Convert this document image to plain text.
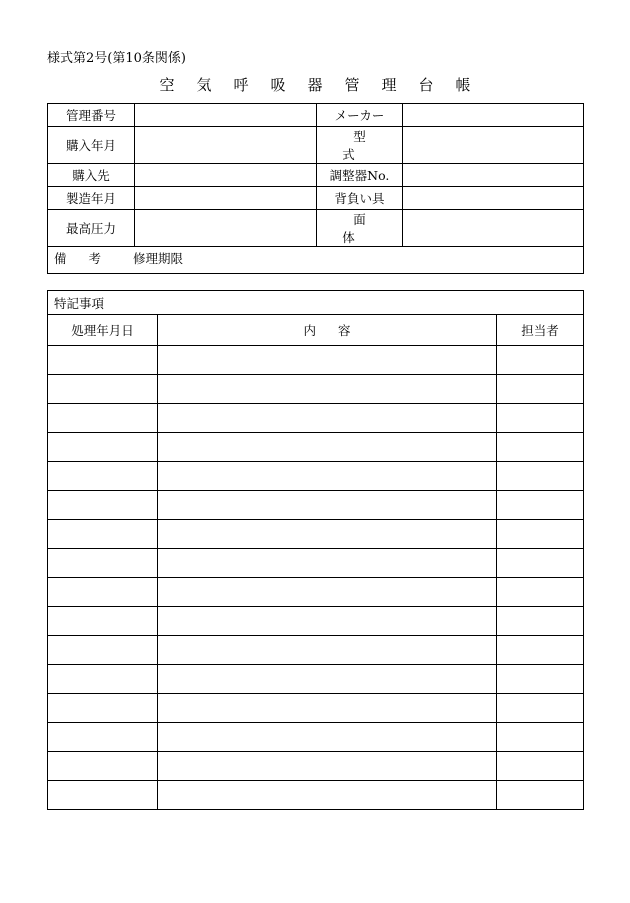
様式第2号(第10条関係)
空気呼吸器管理台帳
管理番号		メーカー	
購入年月		型式	
購入先		調整器No.	
製造年月		背負い具	
最高圧力		面体	
備考 修理期限			
特記事項		
処理年月日	内容	担当者
